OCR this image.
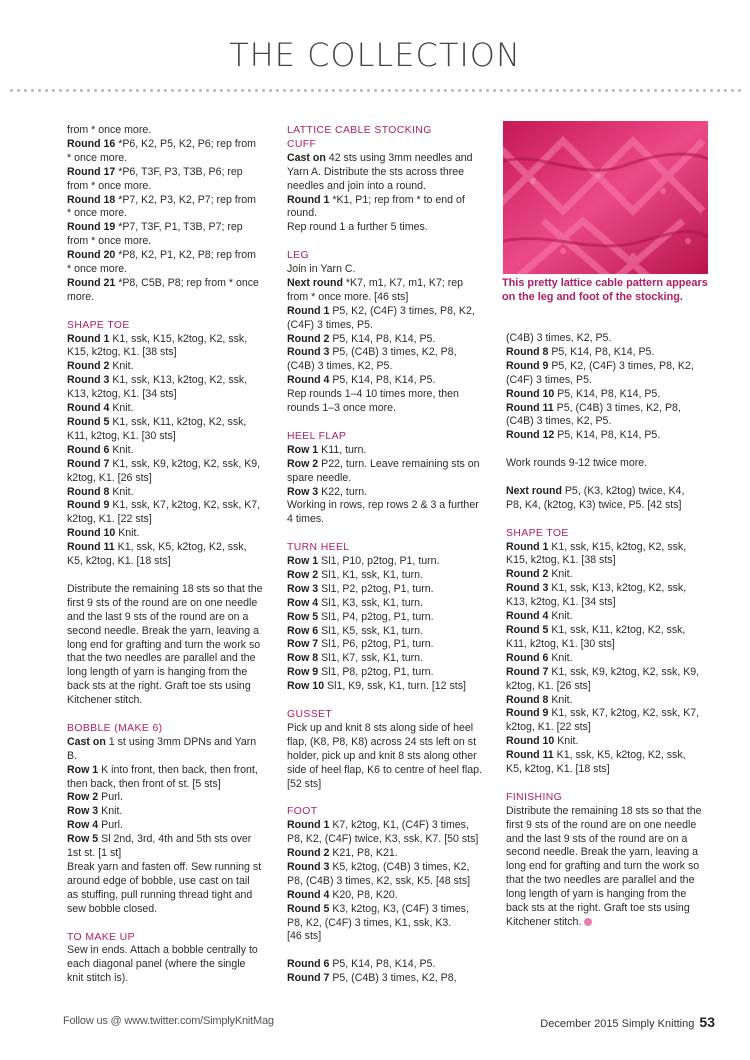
THE COLLECTION

from * once more.

Round 16 *P6, K2, P5, K2, P6; rep from * once more.

Round 17 *P6, T3F, P3, T3B, P6; rep from * once more.

Round 18 *P7, K2, P3, K2, P7; rep from * once more.

Round 19 *P7, T3F, P1, T3B, P7; rep from * once more.

Round 20 *P8, K2, P1, K2, P8; rep from * once more.

Round 21 *P8, C5B, P8; rep from * once more.

SHAPE TOE

Round 1 K1, ssk, K15, k2tog, K2, ssk, K15, k2tog, K1. [38 sts]

Round 2 Knit.

Round 3 K1, ssk, K13, k2tog, K2, ssk, K13, k2tog, K1. [34 sts]

Round 4 Knit.

Round 5 K1, ssk, K11, k2tog, K2, ssk, K11, k2tog, K1. [30 sts]

Round 6 Knit.

Round 7 K1, ssk, K9, k2tog, K2, ssk, K9, k2tog, K1. [26 sts]

Round 8 Knit.

Round 9 K1, ssk, K7, k2tog, K2, ssk, K7, k2tog, K1. [22 sts]

Round 10 Knit.

Round 11 K1, ssk, K5, k2tog, K2, ssk, K5, k2tog, K1. [18 sts]

Distribute the remaining 18 sts so that the first 9 sts of the round are on one needle and the last 9 sts of the round are on a second needle. Break the yarn, leaving a long end for grafting and turn the work so that the two needles are parallel and the long length of yarn is hanging from the back sts at the right. Graft toe sts using Kitchener stitch.

BOBBLE (MAKE 6)

Cast on 1 st using 3mm DPNs and Yarn B.

Row 1 K into front, then back, then front, then back, then front of st. [5 sts]

Row 2 Purl.

Row 3 Knit.

Row 4 Purl.

Row 5 Sl 2nd, 3rd, 4th and 5th sts over 1st st. [1 st]

Break yarn and fasten off. Sew running st around edge of bobble, use cast on tail as stuffing, pull running thread tight and sew bobble closed.

TO MAKE UP

Sew in ends. Attach a bobble centrally to each diagonal panel (where the single knit stitch is).

LATTICE CABLE STOCKING

CUFF

Cast on 42 sts using 3mm needles and Yarn A. Distribute the sts across three needles and join into a round.

Round 1 *K1, P1; rep from * to end of round.

Rep round 1 a further 5 times.

LEG

Join in Yarn C.

Next round *K7, m1, K7, m1, K7; rep from * once more. [46 sts]

Round 1 P5, K2, (C4F) 3 times, P8, K2, (C4F) 3 times, P5.

Round 2 P5, K14, P8, K14, P5.

Round 3 P5, (C4B) 3 times, K2, P8, (C4B) 3 times, K2, P5.

Round 4 P5, K14, P8, K14, P5.

Rep rounds 1–4 10 times more, then rounds 1–3 once more.

HEEL FLAP

Row 1 K11, turn.

Row 2 P22, turn. Leave remaining sts on spare needle.

Row 3 K22, turn.

Working in rows, rep rows 2 & 3 a further 4 times.

TURN HEEL

Row 1 Sl1, P10, p2tog, P1, turn.

Row 2 Sl1, K1, ssk, K1, turn.

Row 3 Sl1, P2, p2tog, P1, turn.

Row 4 Sl1, K3, ssk, K1, turn.

Row 5 Sl1, P4, p2tog, P1, turn.

Row 6 Sl1, K5, ssk, K1, turn.

Row 7 Sl1, P6, p2tog, P1, turn.

Row 8 Sl1, K7, ssk, K1, turn.

Row 9 Sl1, P8, p2tog, P1, turn.

Row 10 Sl1, K9, ssk, K1, turn. [12 sts]

GUSSET

Pick up and knit 8 sts along side of heel flap, (K8, P8, K8) across 24 sts left on st holder, pick up and knit 8 sts along other side of heel flap, K6 to centre of heel flap.

[52 sts]

FOOT

Round 1 K7, k2tog, K1, (C4F) 3 times, P8, K2, (C4F) twice, K3, ssk, K7. [50 sts]

Round 2 K21, P8, K21.

Round 3 K5, k2tog, (C4B) 3 times, K2, P8, (C4B) 3 times, K2, ssk, K5. [48 sts]

Round 4 K20, P8, K20.

Round 5 K3, k2tog, K3, (C4F) 3 times, P8, K2, (C4F) 3 times, K1, ssk, K3.

[46 sts]

Round 6 P5, K14, P8, K14, P5.

Round 7 P5, (C4B) 3 times, K2, P8,

This pretty lattice cable pattern appears on the leg and foot of the stocking.

(C4B) 3 times, K2, P5.

Round 8 P5, K14, P8, K14, P5.

Round 9 P5, K2, (C4F) 3 times, P8, K2, (C4F) 3 times, P5.

Round 10 P5, K14, P8, K14, P5.

Round 11 P5, (C4B) 3 times, K2, P8, (C4B) 3 times, K2, P5.

Round 12 P5, K14, P8, K14, P5.

Work rounds 9-12 twice more.

Next round P5, (K3, k2tog) twice, K4, P8, K4, (k2tog, K3) twice, P5. [42 sts]

SHAPE TOE

Round 1 K1, ssk, K15, k2tog, K2, ssk, K15, k2tog, K1. [38 sts]

Round 2 Knit.

Round 3 K1, ssk, K13, k2tog, K2, ssk, K13, k2tog, K1. [34 sts]

Round 4 Knit.

Round 5 K1, ssk, K11, k2tog, K2, ssk, K11, k2tog, K1. [30 sts]

Round 6 Knit.

Round 7 K1, ssk, K9, k2tog, K2, ssk, K9, k2tog, K1. [26 sts]

Round 8 Knit.

Round 9 K1, ssk, K7, k2tog, K2, ssk, K7, k2tog, K1. [22 sts]

Round 10 Knit.

Round 11 K1, ssk, K5, k2tog, K2, ssk, K5, k2tog, K1. [18 sts]

FINISHING

Distribute the remaining 18 sts so that the first 9 sts of the round are on one needle and the last 9 sts of the round are on a second needle. Break the yarn, leaving a long end for grafting and turn the work so that the two needles are parallel and the long length of yarn is hanging from the back sts at the right. Graft toe sts using Kitchener stitch.

Follow us @ www.twitter.com/SimplyKnitMag	December 2015 Simply Knitting 53
